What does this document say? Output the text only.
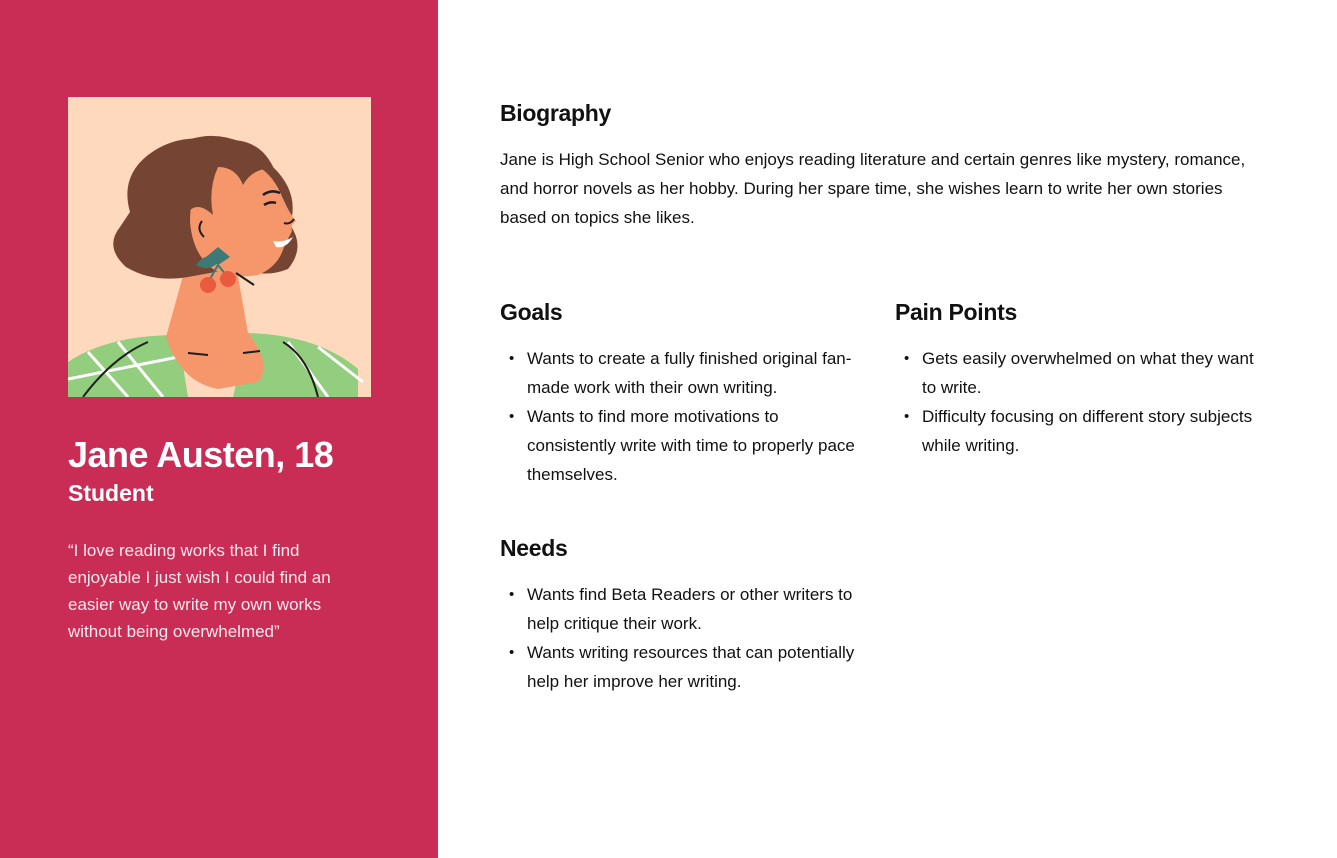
Jane Austen, 18
Student

“I love reading works that I find enjoyable I just wish I could find an easier way to write my own works without being overwhelmed”

Biography

Jane is High School Senior who enjoys reading literature and certain genres like mystery, romance, and horror novels as her hobby. During her spare time, she wishes learn to write her own stories based on topics she likes.

Goals
• Wants to create a fully finished original fan-made work with their own writing.
• Wants to find more motivations to consistently write with time to properly pace themselves.
Pain Points
• Gets easily overwhelmed on what they want to write.
• Difficulty focusing on different story subjects while writing.
Needs
• Wants find Beta Readers or other writers to help critique their work.
• Wants writing resources that can potentially help her improve her writing.
